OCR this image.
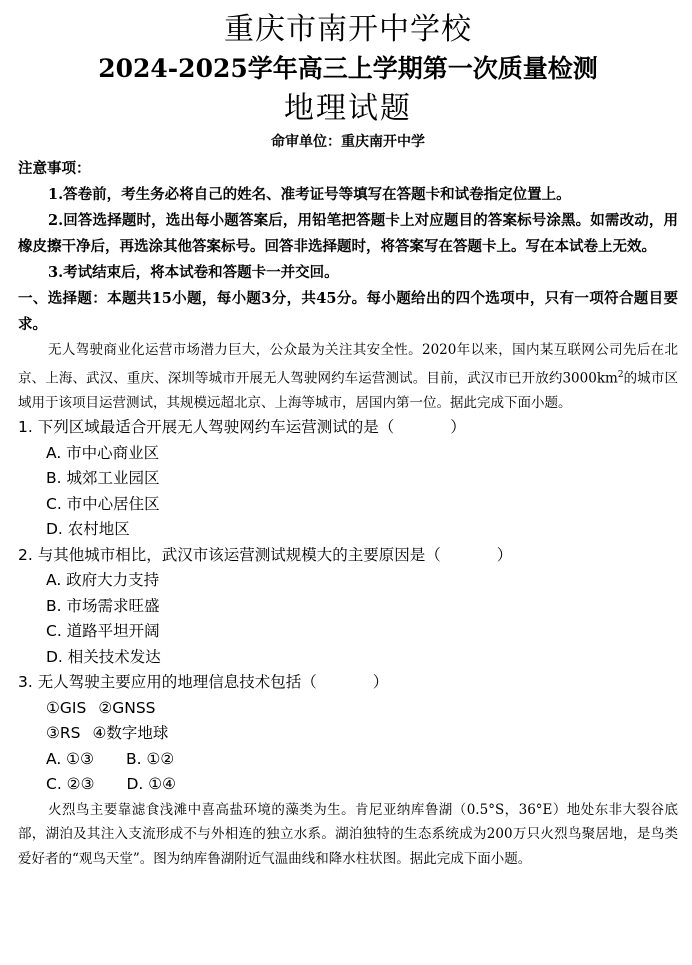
重庆市南开中学校
2024-2025学年高三上学期第一次质量检测
地理试题
命审单位：重庆南开中学
注意事项：
1.答卷前，考生务必将自己的姓名、准考证号等填写在答题卡和试卷指定位置上。
2.回答选择题时，选出每小题答案后，用铅笔把答题卡上对应题目的答案标号涂黑。如需改动，用橡皮擦干净后，再选涂其他答案标号。回答非选择题时，将答案写在答题卡上。写在本试卷上无效。
3.考试结束后，将本试卷和答题卡一并交回。
一、选择题：本题共15小题，每小题3分，共45分。每小题给出的四个选项中，只有一项符合题目要求。

无人驾驶商业化运营市场潜力巨大，公众最为关注其安全性。2020年以来，国内某互联网公司先后在北京、上海、武汉、重庆、深圳等城市开展无人驾驶网约车运营测试。目前，武汉市已开放约$3000km^2$的城市区域用于该项目运营测试，其规模远超北京、上海等城市，居国内第一位。据此完成下面小题。

1. 下列区域最适合开展无人驾驶网约车运营测试的是（	）
A. 市中心商业区
B. 城郊工业园区
C. 市中心居住区
D. 农村地区
2. 与其他城市相比，武汉市该运营测试规模大的主要原因是（	）
A. 政府大力支持
B. 市场需求旺盛
C. 道路平坦开阔
D. 相关技术发达
3. 无人驾驶主要应用的地理信息技术包括（	）
①GIS ②GNSS
③RS ④数字地球
A. ①③ B. ①②
C. ②③ D. ①④

火烈鸟主要靠滤食浅滩中喜高盐环境的藻类为生。肯尼亚纳库鲁湖（0.5°S，36°E）地处东非大裂谷底部，湖泊及其注入支流形成不与外相连的独立水系。湖泊独特的生态系统成为200万只火烈鸟聚居地，是鸟类爱好者的“观鸟天堂”。图为纳库鲁湖附近气温曲线和降水柱状图。据此完成下面小题。
